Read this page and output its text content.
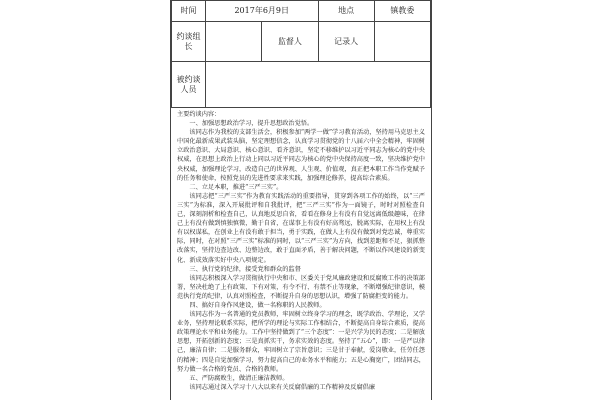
时间	2017年6月9日		地点	镇教委
约谈组长		监督人	记录人	
被约谈人员				

主要约谈内容：

一、加强思想政治学习，提升思想政治觉悟。

该同志作为我校的支部生活会，积极参加“两学一做”学习教育活动，坚持用马克思主义中国化最新成果武装头脑，坚定理想信念，认真学习贯彻党的十八届六中全会精神，牢固树立政治意识、大局意识、核心意识、看齐意识，坚定不移维护以习近平同志为核心的党中央权威，在思想上政治上行动上同以习近平同志为核心的党中央保持高度一致，坚决维护党中央权威，加强理论学习，改造自己的世界观、人生观、价值观，真正把本职工作当作党赋予的任务和使命，按照党员的先进性要求来实践，加强理论修养，提高综合素质。

二、立足本职，推进“三严三实”。

该同志把“三严三实”作为教育实践活动的重要指导，贯穿到各项工作的始终，以“三严三实”为标准，深入开展批评和自我批评，把“三严三实”作为一面镜子，时时对照检查自己，深刻剖析和检查自己，认真地反思自省，看看在修身上有没有自觉远离低级趣味，在律己上有没有做到慎独慎微，勤于自省，在谋事上有没有好高骛远，脱离实际，在用权上有没有以权谋私，在创业上有没有敢于担当，勇于实践，在做人上有没有做到对党忠诚，尊重实际，同时，在对照“三严三实”标准的同时，以“三严三实”为方向，找到差距和不足，狠抓整改落实，坚持边查边改、边整边改，敢于直面矛盾，善于解决问题，不断以作风建设的新变化、新成效落实好中央八项规定。

三、执行党的纪律，接受党和群众的监督

该同志积极深入学习贯彻执行中央和市、区委关于党风廉政建设和反腐败工作的决策部署，坚决杜绝了上有政策、下有对策，有令不行、有禁不止等现象，不断增强纪律意识，模范执行党的纪律，认真对照检查，不断提升自身的思想认识，增强了防腐拒变的能力。

四、搞好自身作风建设，做一名称职的人民教师。

该同志作为一名普通的党员教师，牢固树立终身学习的理念，既学政治、学理论，又学业务，坚持理论联系实际，把所学的理论与实际工作相结合，不断提高自身综合素质，提高政策理论水平和业务能力。工作中坚持做到了“三个态度”：一是兴学为民的态度；二是解放思想，开拓创新的态度；三是真抓实干，务求实效的态度。坚持了“五心”，即：一是严以律己，廉洁自律；二是服务群众，牢固树立了宗旨意识；三是甘于奉献，爱岗敬业，任劳任怨的精神；四是自觉加强学习，努力提高自己的业务水平和能力；五是心胸宽广，团结同志，努力做一名合格的党员、合格的教师。

五、严防腐败生，做清正廉洁教师。

该同志通过深入学习十八大以来有关反腐倡廉的工作精神及反腐倡廉
